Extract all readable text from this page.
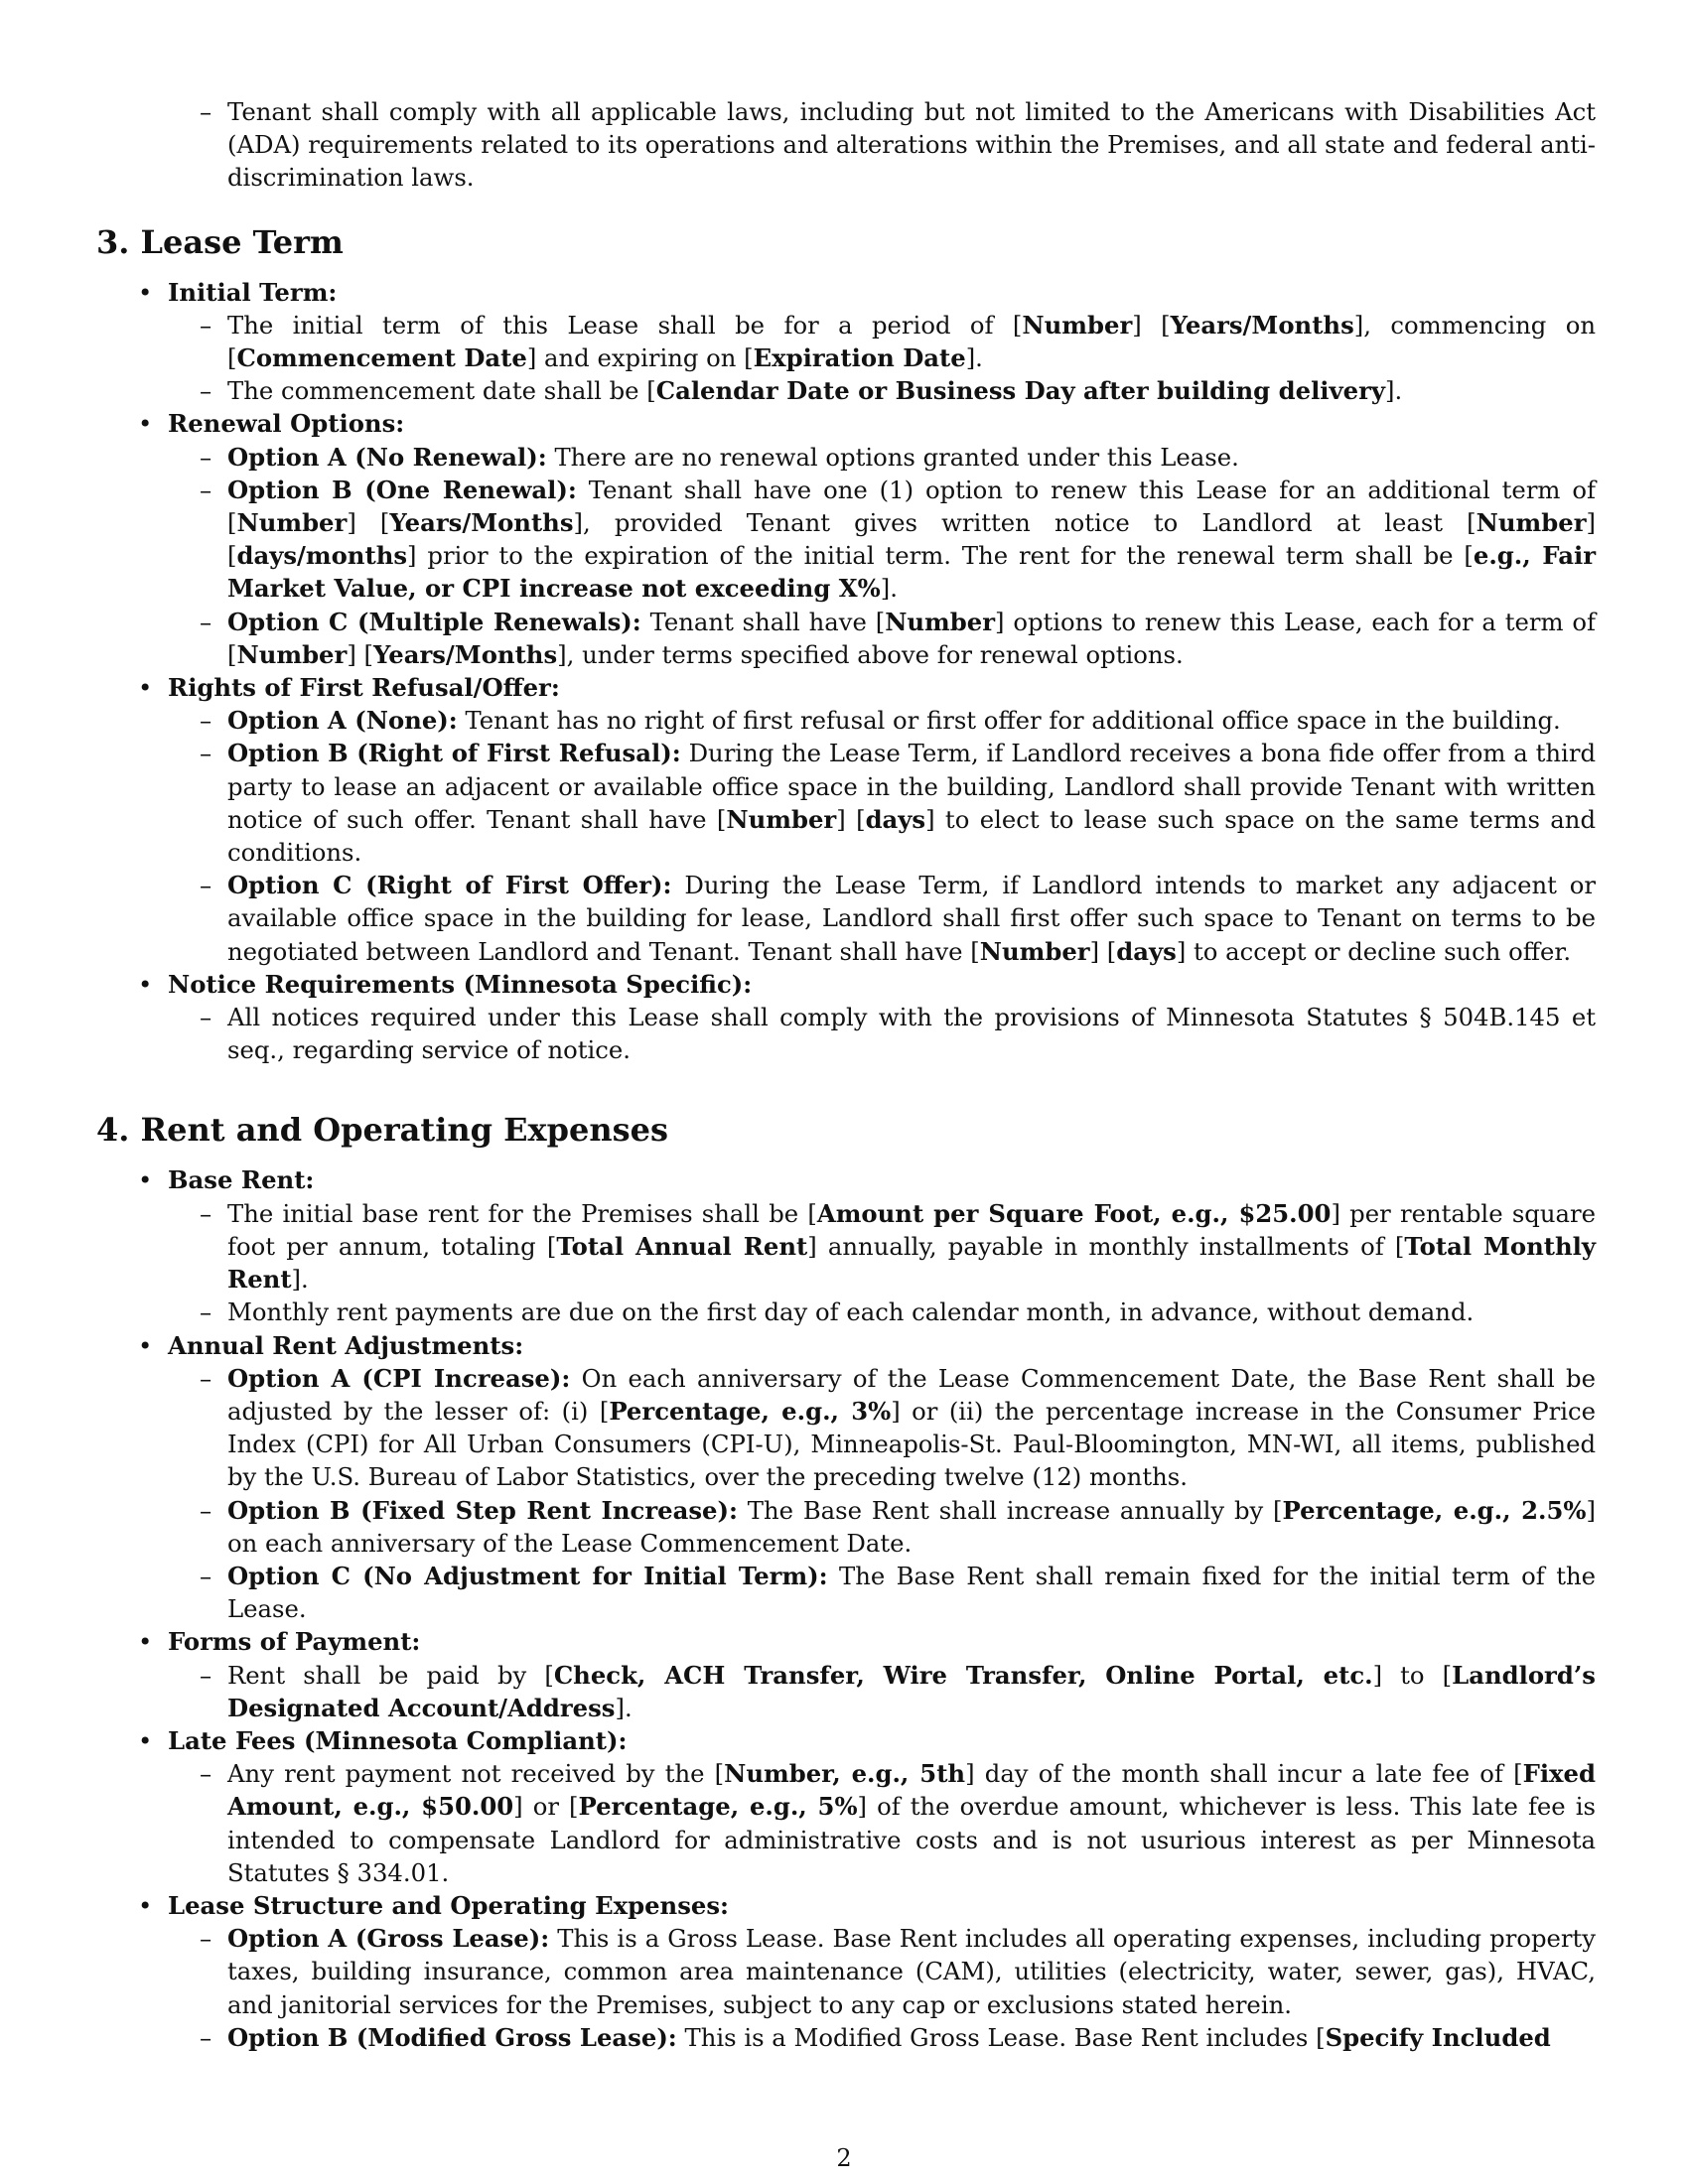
– Tenant shall comply with all applicable laws, including but not limited to the Americans with Disabilities Act (ADA) requirements related to its operations and alterations within the Premises, and all state and federal anti-discrimination laws.
3. Lease Term
• Initial Term:
– The initial term of this Lease shall be for a period of [Number] [Years/Months], commencing on [Commencement Date] and expiring on [Expiration Date].
– The commencement date shall be [Calendar Date or Business Day after building delivery].
• Renewal Options:
– Option A (No Renewal): There are no renewal options granted under this Lease.
– Option B (One Renewal): Tenant shall have one (1) option to renew this Lease for an additional term of [Number] [Years/Months], provided Tenant gives written notice to Landlord at least [Number] [days/months] prior to the expiration of the initial term. The rent for the renewal term shall be [e.g., Fair Market Value, or CPI increase not exceeding X%].
– Option C (Multiple Renewals): Tenant shall have [Number] options to renew this Lease, each for a term of [Number] [Years/Months], under terms specified above for renewal options.
• Rights of First Refusal/Offer:
– Option A (None): Tenant has no right of first refusal or first offer for additional office space in the building.
– Option B (Right of First Refusal): During the Lease Term, if Landlord receives a bona fide offer from a third party to lease an adjacent or available office space in the building, Landlord shall provide Tenant with written notice of such offer. Tenant shall have [Number] [days] to elect to lease such space on the same terms and conditions.
– Option C (Right of First Offer): During the Lease Term, if Landlord intends to market any adjacent or available office space in the building for lease, Landlord shall first offer such space to Tenant on terms to be negotiated between Landlord and Tenant. Tenant shall have [Number] [days] to accept or decline such offer.
• Notice Requirements (Minnesota Specific):
– All notices required under this Lease shall comply with the provisions of Minnesota Statutes § 504B.145 et seq., regarding service of notice.
4. Rent and Operating Expenses
• Base Rent:
– The initial base rent for the Premises shall be [Amount per Square Foot, e.g., $25.00] per rentable square foot per annum, totaling [Total Annual Rent] annually, payable in monthly installments of [Total Monthly Rent].
– Monthly rent payments are due on the first day of each calendar month, in advance, without demand.
• Annual Rent Adjustments:
– Option A (CPI Increase): On each anniversary of the Lease Commencement Date, the Base Rent shall be adjusted by the lesser of: (i) [Percentage, e.g., 3%] or (ii) the percentage increase in the Consumer Price Index (CPI) for All Urban Consumers (CPI-U), Minneapolis-St. Paul-Bloomington, MN-WI, all items, published by the U.S. Bureau of Labor Statistics, over the preceding twelve (12) months.
– Option B (Fixed Step Rent Increase): The Base Rent shall increase annually by [Percentage, e.g., 2.5%] on each anniversary of the Lease Commencement Date.
– Option C (No Adjustment for Initial Term): The Base Rent shall remain fixed for the initial term of the Lease.
• Forms of Payment:
– Rent shall be paid by [Check, ACH Transfer, Wire Transfer, Online Portal, etc.] to [Landlord’s Designated Account/Address].
• Late Fees (Minnesota Compliant):
– Any rent payment not received by the [Number, e.g., 5th] day of the month shall incur a late fee of [Fixed Amount, e.g., $50.00] or [Percentage, e.g., 5%] of the overdue amount, whichever is less. This late fee is intended to compensate Landlord for administrative costs and is not usurious interest as per Minnesota Statutes § 334.01.
• Lease Structure and Operating Expenses:
– Option A (Gross Lease): This is a Gross Lease. Base Rent includes all operating expenses, including property taxes, building insurance, common area maintenance (CAM), utilities (electricity, water, sewer, gas), HVAC, and janitorial services for the Premises, subject to any cap or exclusions stated herein.
– Option B (Modified Gross Lease): This is a Modified Gross Lease. Base Rent includes [Specify Included
2
